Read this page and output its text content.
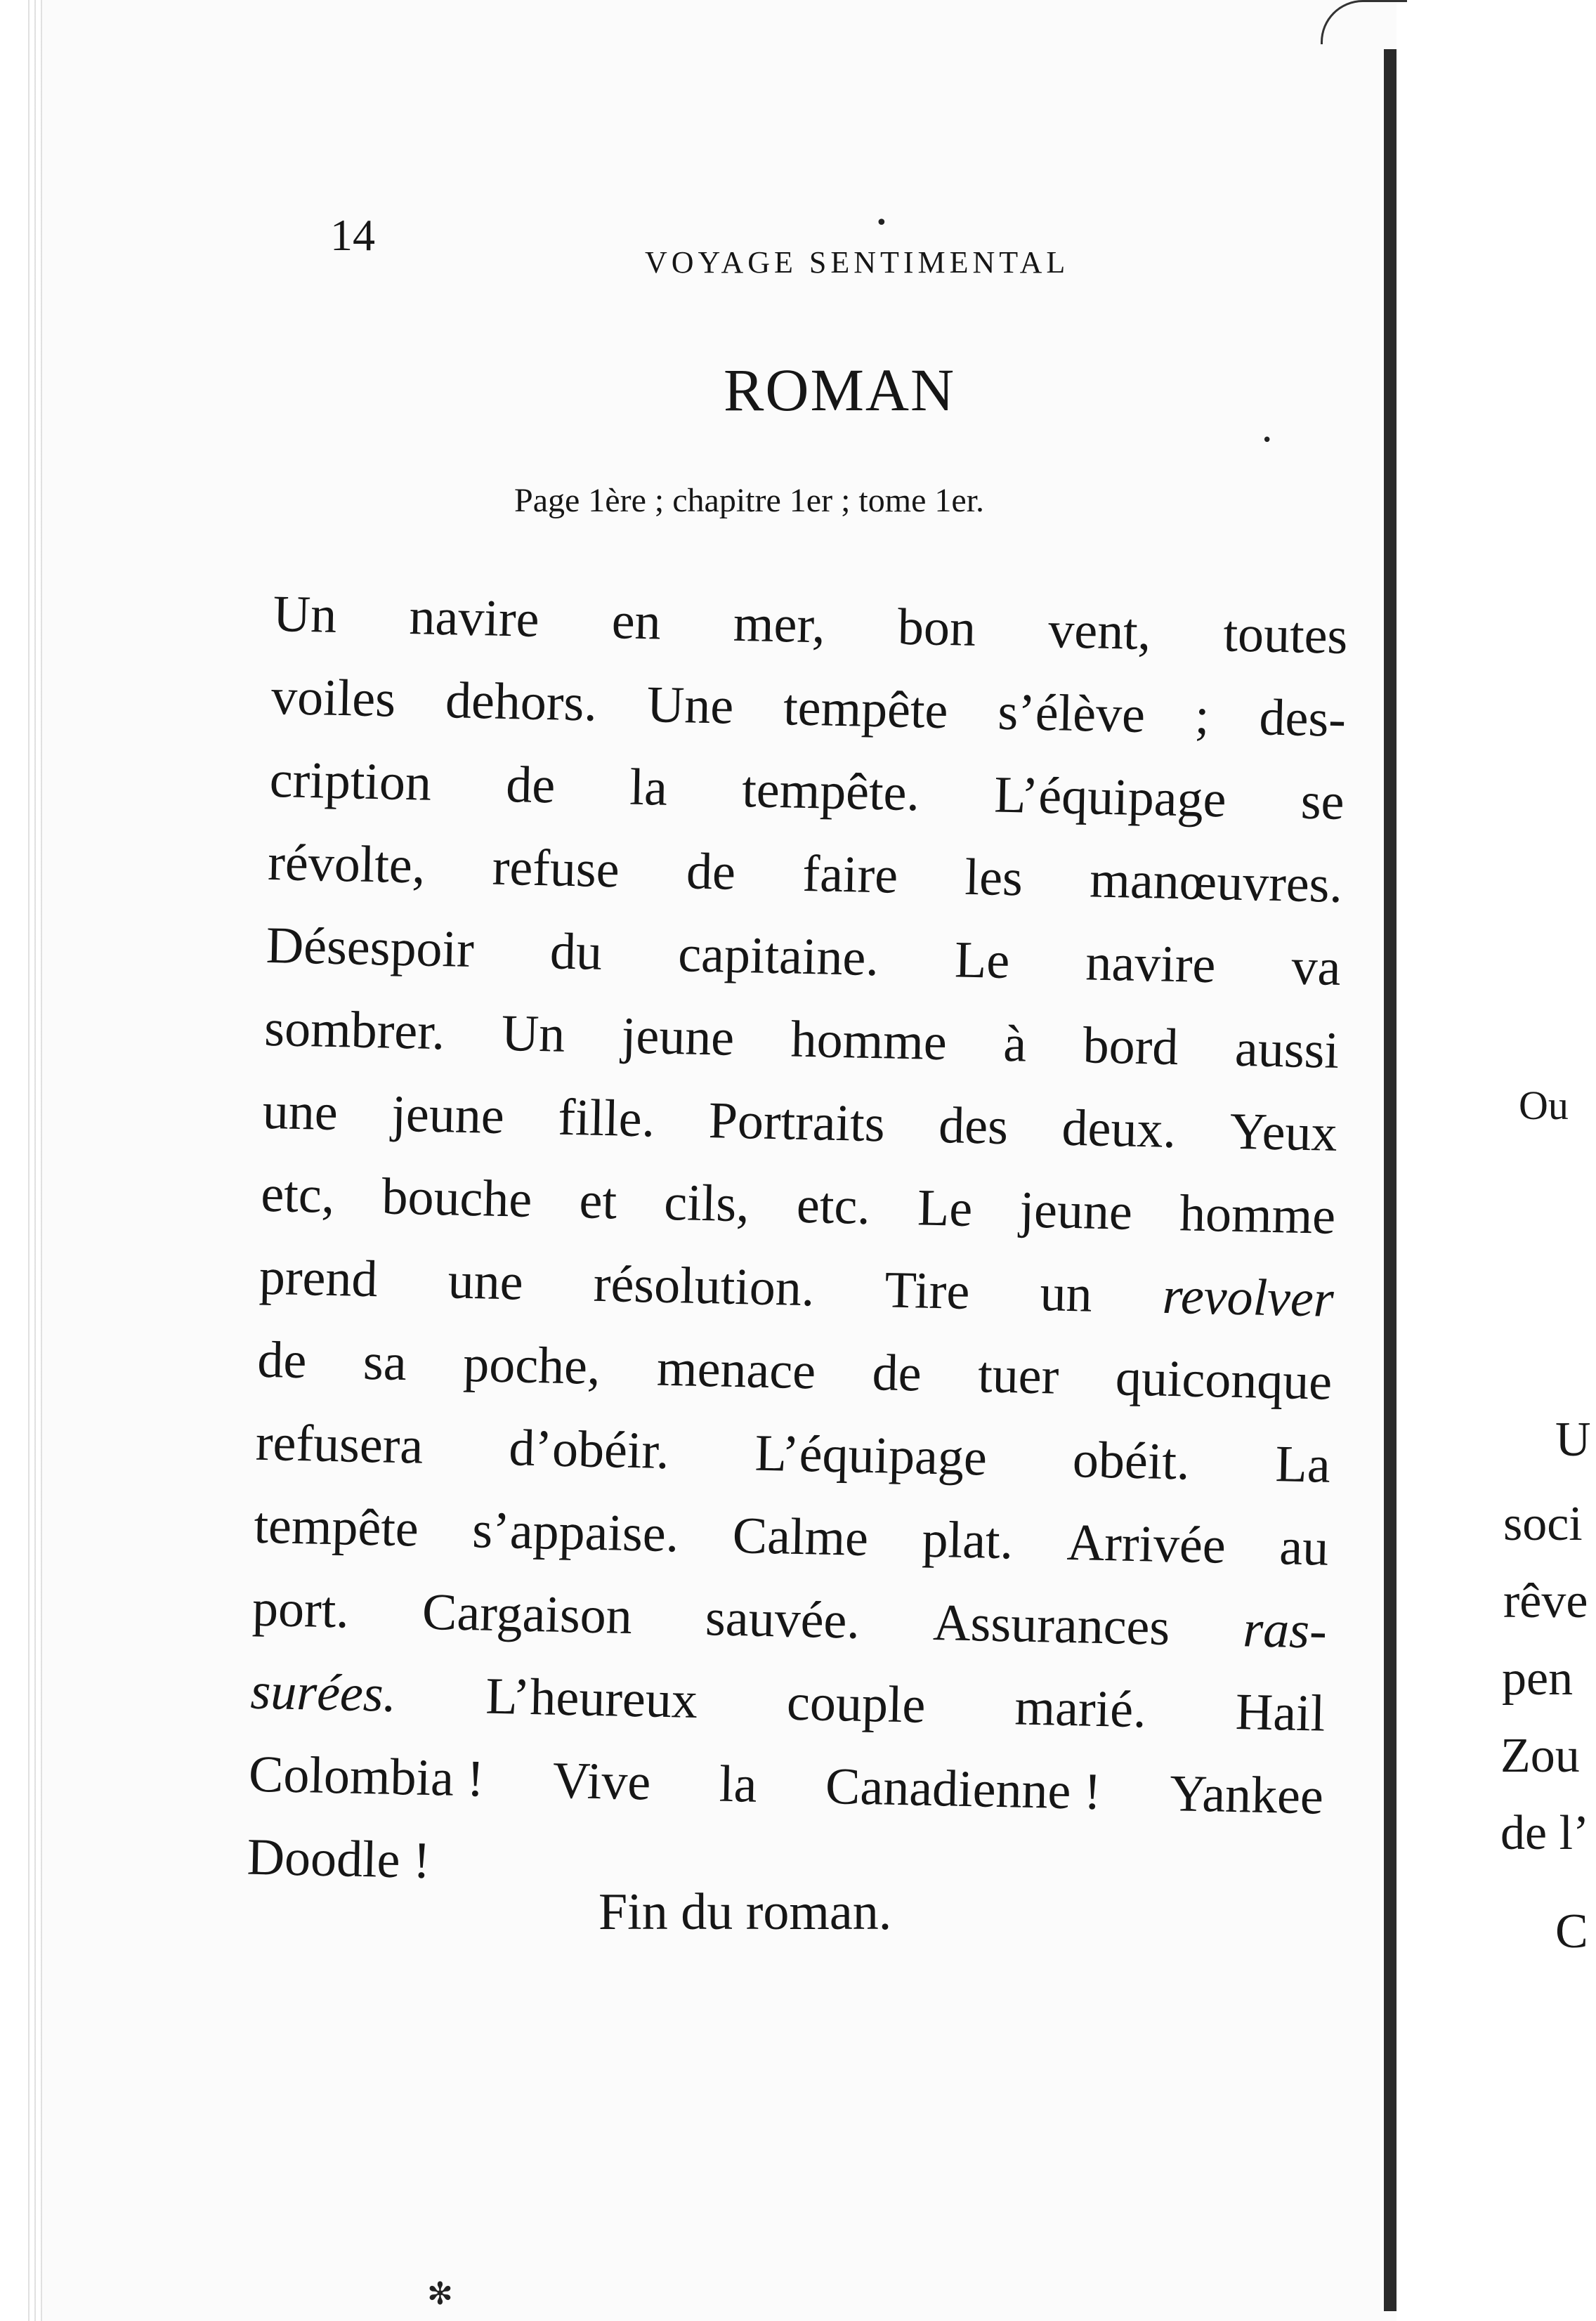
14
VOYAGE SENTIMENTAL
ROMAN
Page 1ère ; chapitre 1er ; tome 1er.
Un navire en mer, bon vent, toutes
voiles dehors. Une tempête s’élève ; des-
cription de la tempête. L’équipage se
révolte, refuse de faire les manœuvres.
Désespoir du capitaine. Le navire va
sombrer. Un jeune homme à bord aussi
une jeune fille. Portraits des deux. Yeux
etc, bouche et cils, etc. Le jeune homme
prend une résolution. Tire un revolver
de sa poche, menace de tuer quiconque
refusera d’obéir. L’équipage obéit. La
tempête s’appaise. Calme plat. Arrivée au
port. Cargaison sauvée. Assurances ras-
surées. L’heureux couple marié. Hail
Colombia ! Vive la Canadienne ! Yankee
Doodle !
Fin du roman.
Ou
U
soci
rêve
pen
Zou
de l’
C
•
•
✻
